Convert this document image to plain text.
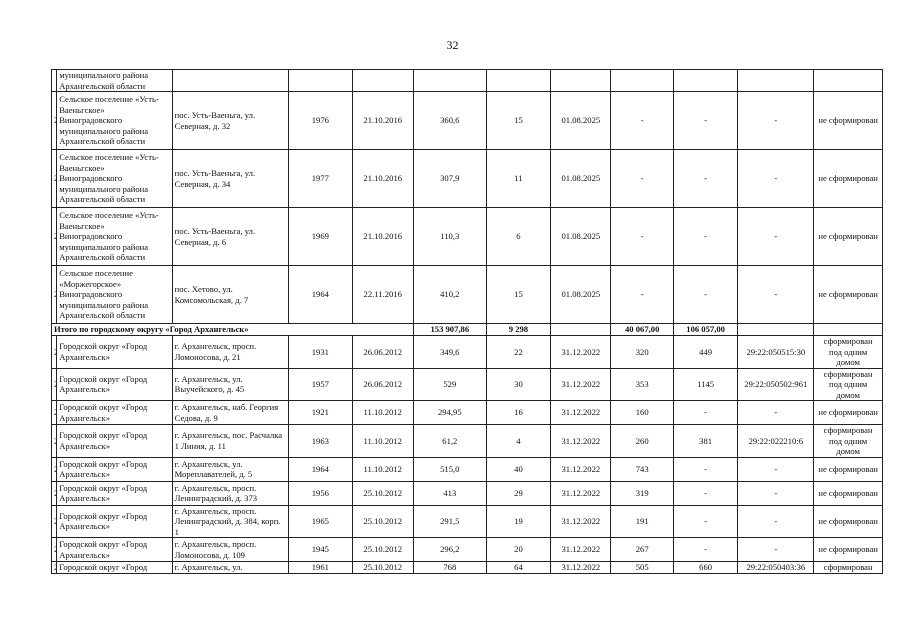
32
	муниципального района Архангельской области										
	Сельское поселение «Усть-Ваеньгское» Виноградовского муниципального района Архангельской области	пос. Усть-Ваеньга, ул. Северная, д. 32	1976	21.10.2016	360,6	15	01.08.2025	-	-	-	не сформирован
	Сельское поселение «Усть-Ваеньгское» Виноградовского муниципального района Архангельской области	пос. Усть-Ваеньга, ул. Северная, д. 34	1977	21.10.2016	307,9	11	01.08.2025	-	-	-	не сформирован
	Сельское поселение «Усть-Ваеньгское» Виноградовского муниципального района Архангельской области	пос. Усть-Ваеньга, ул. Северная, д. 6	1969	21.10.2016	110,3	6	01.08.2025	-	-	-	не сформирован
	Сельское поселение «Моржегорское» Виноградовского муниципального района Архангельской области	пос. Хетово, ул. Комсомольская, д. 7	1964	22.11.2016	410,2	15	01.08.2025	-	-	-	не сформирован
Итого по городскому округу «Город Архангельск»					153 907,86	9 298		40 067,00	106 057,00		
	Городской округ «Город Архангельск»	г. Архангельск, просп. Ломоносова, д. 21	1931	26.06.2012	349,6	22	31.12.2022	320	449	29:22:050515:30	сформирован под одним домом
	Городской округ «Город Архангельск»	г. Архангельск, ул. Выучейского, д. 45	1957	26.06.2012	529	30	31.12.2022	353	1145	29:22:050502:961	сформирован под одним домом
	Городской округ «Город Архангельск»	г. Архангельск, наб. Георгия Седова, д. 9	1921	11.10.2012	294,95	16	31.12.2022	160	-	-	не сформирован
	Городской округ «Город Архангельск»	г. Архангельск, пос. Расчалка 1 Линия, д. 11	1963	11.10.2012	61,2	4	31.12.2022	260	381	29:22:022210:6	сформирован под одним домом
	Городской округ «Город Архангельск»	г. Архангельск, ул. Мореплавателей, д. 5	1964	11.10.2012	515,0	40	31.12.2022	743	-	-	не сформирован
	Городской округ «Город Архангельск»	г. Архангельск, просп. Ленинградский, д. 373	1956	25.10.2012	413	29	31.12.2022	319	-	-	не сформирован
	Городской округ «Город Архангельск»	г. Архангельск, просп. Ленинградский, д. 384, корп. 1	1965	25.10.2012	291,5	19	31.12.2022	191	-	-	не сформирован
	Городской округ «Город Архангельск»	г. Архангельск, просп. Ломоносова, д. 109	1945	25.10.2012	296,2	20	31.12.2022	267	-	-	не сформирован
	Городской округ «Город	г. Архангельск, ул.	1961	25.10.2012	768	64	31.12.2022	505	660	29:22:050403:36	сформирован
